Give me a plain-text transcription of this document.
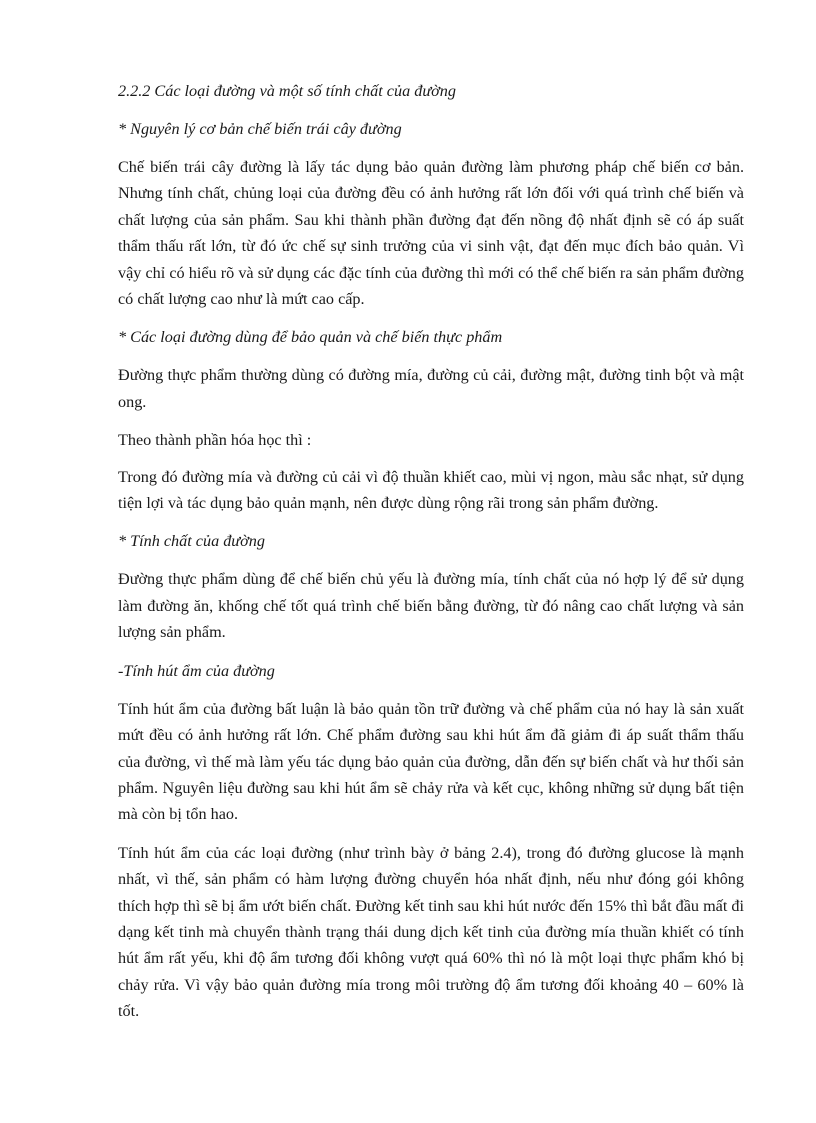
2.2.2 Các loại đường và một số tính chất của đường

* Nguyên lý cơ bản chế biến trái cây đường

Chế biến trái cây đường là lấy tác dụng bảo quản đường làm phương pháp chế biến cơ bản. Nhưng tính chất, chủng loại của đường đều có ảnh hưởng rất lớn đối với quá trình chế biến và chất lượng của sản phẩm. Sau khi thành phần đường đạt đến nồng độ nhất định sẽ có áp suất thẩm thấu rất lớn, từ đó ức chế sự sinh trưởng của vi sinh vật, đạt đến mục đích bảo quản. Vì vậy chỉ có hiểu rõ và sử dụng các đặc tính của đường thì mới có thể chế biến ra sản phẩm đường có chất lượng cao như là mứt cao cấp.

* Các loại đường dùng để bảo quản và chế biến thực phẩm

Đường thực phẩm thường dùng có đường mía, đường củ cải, đường mật, đường tinh bột và mật ong.

Theo thành phần hóa học thì :

Trong đó đường mía và đường củ cải vì độ thuần khiết cao, mùi vị ngon, màu sắc nhạt, sử dụng tiện lợi và tác dụng bảo quản mạnh, nên được dùng rộng rãi trong sản phẩm đường.

* Tính chất của đường

Đường thực phẩm dùng để chế biến chủ yếu là đường mía, tính chất của nó hợp lý để sử dụng làm đường ăn, khống chế tốt quá trình chế biến bằng đường, từ đó nâng cao chất lượng và sản lượng sản phẩm.

-Tính hút ẩm của đường

Tính hút ẩm của đường bất luận là bảo quản tồn trữ đường và chế phẩm của nó hay là sản xuất mứt đều có ảnh hưởng rất lớn. Chế phẩm đường sau khi hút ẩm đã giảm đi áp suất thẩm thấu của đường, vì thế mà làm yếu tác dụng bảo quản của đường, dẫn đến sự biến chất và hư thối sản phẩm. Nguyên liệu đường sau khi hút ẩm sẽ chảy rửa và kết cục, không những sử dụng bất tiện mà còn bị tổn hao.

Tính hút ẩm của các loại đường (như trình bày ở bảng 2.4), trong đó đường glucose là mạnh nhất, vì thế, sản phẩm có hàm lượng đường chuyển hóa nhất định, nếu như đóng gói không thích hợp thì sẽ bị ẩm ướt biến chất. Đường kết tinh sau khi hút nước đến 15% thì bắt đầu mất đi dạng kết tinh mà chuyển thành trạng thái dung dịch kết tinh của đường mía thuần khiết có tính hút ẩm rất yếu, khi độ ẩm tương đối không vượt quá 60% thì nó là một loại thực phẩm khó bị chảy rửa. Vì vậy bảo quản đường mía trong môi trường độ ẩm tương đối khoảng 40 – 60% là tốt.
